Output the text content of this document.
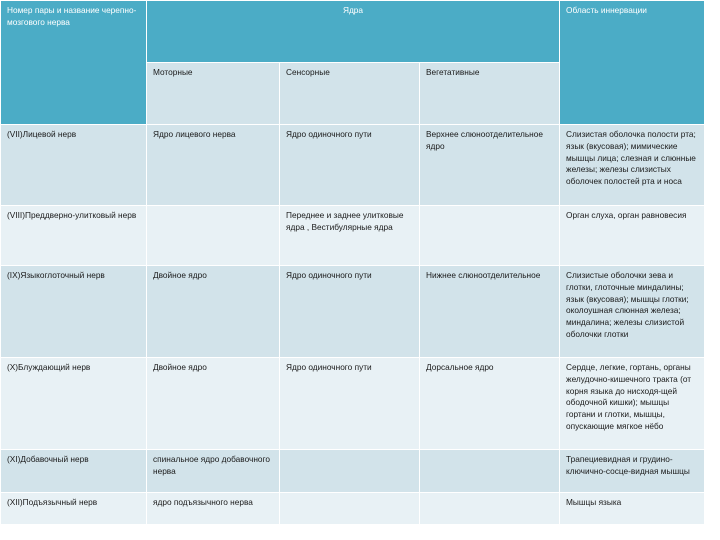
Номер пары и название черепно-мозгового нерва	Ядра			Область иннервации
	Моторные	Сенсорные	Вегетативные	
(VII)Лицевой нерв	Ядро лицевого нерва	Ядро одиночного пути	Верхнее слюноотделительное ядро	Слизистая оболочка полости рта; язык (вкусовая); мимические мышцы лица; слезная и слюнные железы; железы слизистых оболочек полостей рта и носа
(VIII)Преддверно-улитковый нерв		Переднее и заднее улитковые ядра , Вестибулярные ядра		Орган слуха, орган равновесия
(IX)Языкоглоточный нерв	Двойное ядро	Ядро одиночного пути	Нижнее слюноотделительное	Слизистые оболочки зева и глотки, глоточные миндалины; язык (вкусовая); мышцы глотки; околоушная слюнная железа; миндалина; железы слизистой оболочки глотки
(X)Блуждающий нерв	Двойное ядро	Ядро одиночного пути	Дорсальное ядро	Сердце, легкие, гортань, органы желудочно-кишечного тракта (от корня языка до нисходя-щей ободочной кишки); мышцы гортани и глотки, мышцы, опускающие мягкое нёбо
(XI)Добавочный нерв	спинальное ядро добавочного нерва			Трапециевидная и грудино-ключично-сосце-видная мышцы
(XII)Подъязычный нерв	ядро подъязычного нерва			Мышцы языка
